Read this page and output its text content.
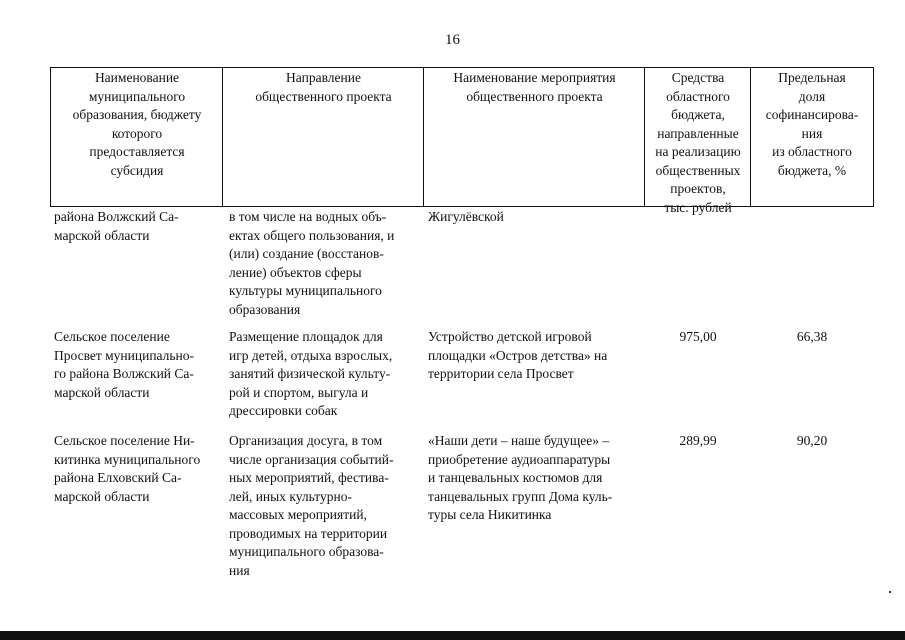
16
Наименование
муниципального
образования, бюджету
которого
предоставляется
субсидия
Направление
общественного проекта
Наименование мероприятия
общественного проекта
Средства
областного
бюджета,
направленные
на реализацию
общественных
проектов,
тыс. рублей
Предельная
доля
софинансирова-
ния
из областного
бюджета, %
района Волжский Са-
марской области
в том числе на водных объ-
ектах общего пользования, и
(или) создание (восстанов-
ление) объектов сферы
культуры муниципального
образования
Жигулёвской
Сельское поселение
Просвет муниципально-
го района Волжский Са-
марской области
Размещение площадок для
игр детей, отдыха взрослых,
занятий физической культу-
рой и спортом, выгула и
дрессировки собак
Устройство детской игровой
площадки «Остров детства» на
территории села Просвет
975,00	66,38
Сельское поселение Ни-
китинка муниципального
района Елховский Са-
марской области
Организация досуга, в том
числе организация событий-
ных мероприятий, фестива-
лей, иных культурно-
массовых мероприятий,
проводимых на территории
муниципального образова-
ния
«Наши дети – наше будущее» –
приобретение аудиоаппаратуры
и танцевальных костюмов для
танцевальных групп Дома куль-
туры села Никитинка
289,99	90,20
